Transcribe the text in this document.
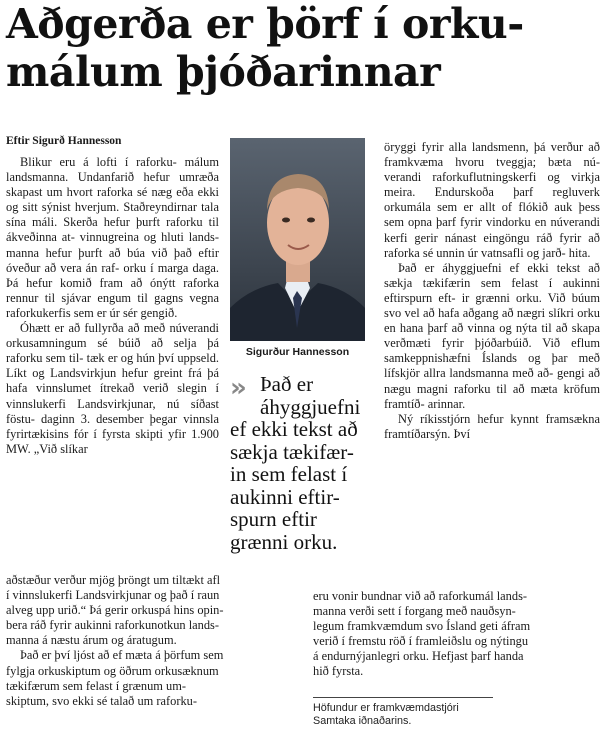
Aðgerða er þörf í orku-
málum þjóðarinnar
Eftir Sigurð Hannesson

Blikur eru á lofti í raforku- málum landsmanna. Undanfarið hefur umræða skapast um hvort raforka sé næg eða ekki og sitt sýnist hverjum. Staðreyndirnar tala sína máli. Skerða hefur þurft raforku til ákveðinna at- vinnugreina og hluti lands- manna hefur þurft að búa við það eftir óveður að vera án raf- orku í marga daga. Þá hefur komið fram að ónýtt raforka rennur til sjávar engum til gagns vegna raforkukerfis sem er úr sér gengið.

Óhætt er að fullyrða að með núverandi orkusamningum sé búið að selja þá raforku sem til- tæk er og hún því uppseld. Líkt og Landsvirkjun hefur greint frá þá hafa vinnslumet ítrekað verið slegin í vinnslukerfi Landsvirkjunar, nú síðast föstu- daginn 3. desember þegar vinnsla fyrirtækisins fór í fyrsta skipti yfir 1.900 MW. „Við slíkar

Sigurður Hannesson
» Það er
áhyggjuefni
ef ekki tekst að
sækja tækifær-
in sem felast í
aukinni eftir-
spurn eftir
grænni orku.
aðstæður verður mjög þröngt um tiltækt afl
í vinnslukerfi Landsvirkjunar og það í raun
alveg upp urið.“ Þá gerir orkuspá hins opin-
bera ráð fyrir aukinni raforkunotkun lands-
manna á næstu árum og áratugum.
Það er því ljóst að ef mæta á þörfum sem
fylgja orkuskiptum og öðrum orkusæknum
tækifærum sem felast í grænum um-
skiptum, svo ekki sé talað um raforku-

öryggi fyrir alla landsmenn, þá verður að framkvæma hvoru tveggja; bæta nú- verandi raforkuflutningskerfi og virkja meira. Endurskoða þarf regluverk orkumála sem er allt of flókið auk þess sem opna þarf fyrir vindorku en núverandi kerfi gerir nánast eingöngu ráð fyrir að raforka sé unnin úr vatnsafli og jarð- hita.

Það er áhyggjuefni ef ekki tekst að sækja tækifærin sem felast í aukinni eftirspurn eft- ir grænni orku. Við búum svo vel að hafa aðgang að nægri slíkri orku en hana þarf að vinna og nýta til að skapa verðmæti fyrir þjóðarbúið. Við eflum samkeppnishæfni Íslands og þar með lífskjör allra landsmanna með að- gengi að nægu magni raforku til að mæta kröfum framtíð- arinnar.

Ný ríkisstjórn hefur kynnt framsækna framtíðarsýn. Því

eru vonir bundnar við að raforkumál lands-
manna verði sett í forgang með nauðsyn-
legum framkvæmdum svo Ísland geti áfram
verið í fremstu röð í framleiðslu og nýtingu
á endurnýjanlegri orku. Hefjast þarf handa
hið fyrsta.
Höfundur er framkvæmdastjóri
Samtaka iðnaðarins.
